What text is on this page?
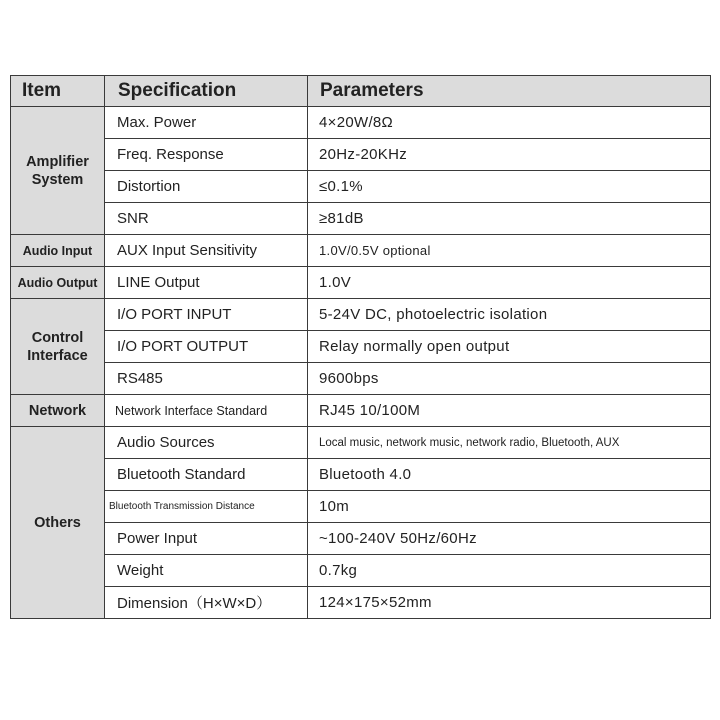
Item	Specification	Parameters
Amplifier System	Max. Power	4×20W/8Ω
	Freq. Response	20Hz-20KHz
	Distortion	≤0.1%
	SNR	≥81dB
Audio Input	AUX Input Sensitivity	1.0V/0.5V optional
Audio Output	LINE Output	1.0V
Control Interface	I/O PORT INPUT	5-24V DC, photoelectric isolation
	I/O PORT OUTPUT	Relay normally open output
	RS485	9600bps
Network	Network Interface Standard	RJ45 10/100M
Others	Audio Sources	Local music, network music, network radio, Bluetooth, AUX
	Bluetooth Standard	Bluetooth 4.0
	Bluetooth Transmission Distance	10m
	Power Input	~100-240V 50Hz/60Hz
	Weight	0.7kg
	Dimension（H×W×D）	124×175×52mm
